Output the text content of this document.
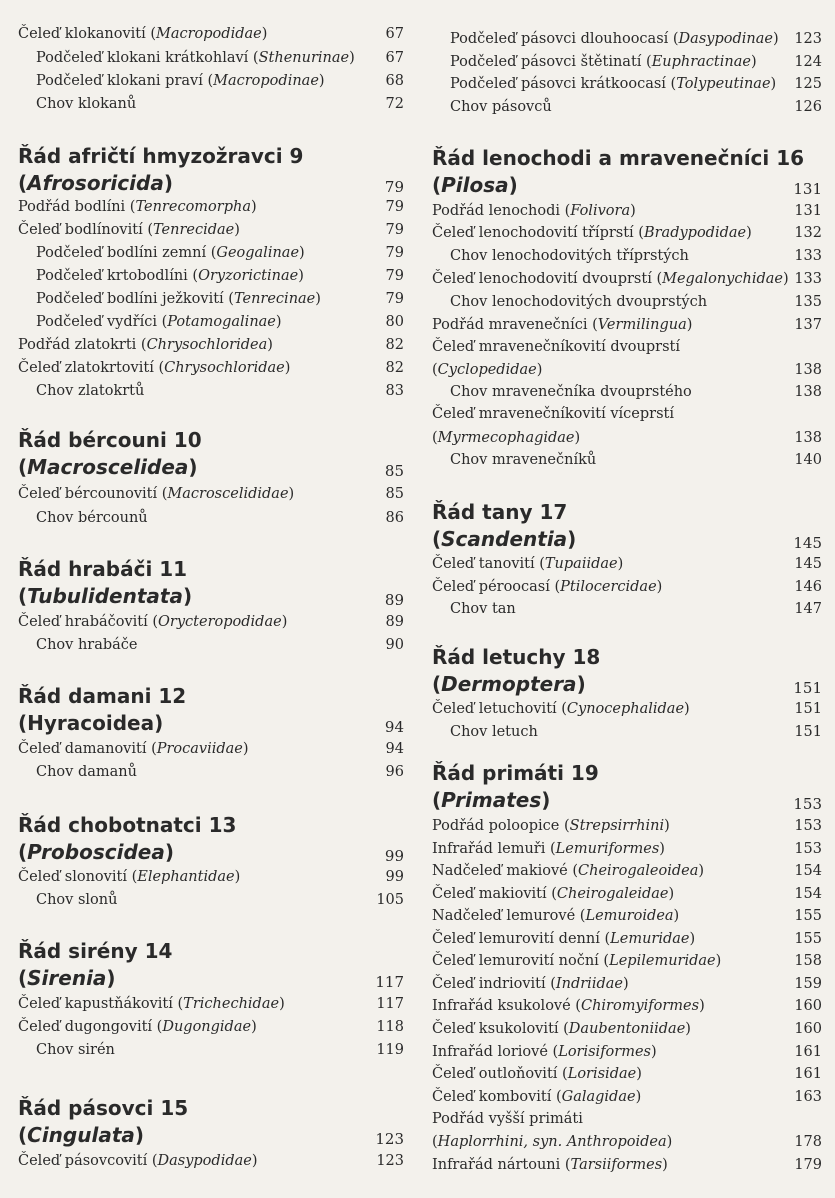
Čeleď klokanovití (Macropodidae)	67
Podčeleď klokani krátkohlaví (Sthenurinae) 67
Podčeleď klokani praví (Macropodinae)	68
Chov klokanů	72
Řád afričtí hmyzožravci 9
(Afrosoricida)	79
Podřád bodlíni (Tenrecomorpha)	79
Čeleď bodlínovití (Tenrecidae)	79
Podčeleď bodlíni zemní (Geogalinae)	79
Podčeleď krtobodlíni (Oryzorictinae)	79
Podčeleď bodlíni ježkovití (Tenrecinae)	79
Podčeleď vydříci (Potamogalinae)	80
Podřád zlatokrti (Chrysochloridea)	82
Čeleď zlatokrtovití (Chrysochloridae)	82
Chov zlatokrtů	83
Řád bércouni 10
(Macroscelidea)	85
Čeleď bércounovití (Macroscelididae)	85
Chov bércounů	86
Řád hrabáči 11
(Tubulidentata)	89
Čeleď hrabáčovití (Orycteropodidae)	89
Chov hrabáče	90
Řád damani 12
(Hyracoidea)	94
Čeleď damanovití (Procaviidae)	94
Chov damanů	96
Řád chobotnatci 13
(Proboscidea)	99
Čeleď slonovití (Elephantidae)	99
Chov slonů	105
Řád sirény 14
(Sirenia)	117
Čeleď kapustňákovití (Trichechidae)	117
Čeleď dugongovití (Dugongidae)	118
Chov sirén	119
Řád pásovci 15
(Cingulata)	123
Čeleď pásovcovití (Dasypodidae)	123
Podčeleď pásovci dlouhoocasí (Dasypodinae) 123
Podčeleď pásovci štětinatí (Euphractinae)	124
Podčeleď pásovci krátkoocasí (Tolypeutinae) 125
Chov pásovců	126
Řád lenochodi a mravenečníci 16
(Pilosa)	131
Podřád lenochodi (Folivora)	131
Čeleď lenochodovití tříprstí (Bradypodidae)	132
Chov lenochodovitých tříprstých	133
Čeleď lenochodovití dvouprstí (Megalonychidae) 133
Chov lenochodovitých dvouprstých	135
Podřád mravenečníci (Vermilingua)	137
Čeleď mravenečníkovití dvouprstí
(Cyclopedidae)	138
Chov mravenečníka dvouprstého	138
Čeleď mravenečníkovití víceprstí
(Myrmecophagidae)	138
Chov mravenečníků	140
Řád tany 17
(Scandentia)	145
Čeleď tanovití (Tupaiidae)	145
Čeleď péroocasí (Ptilocercidae)	146
Chov tan	147
Řád letuchy 18
(Dermoptera)	151
Čeleď letuchovití (Cynocephalidae)	151
Chov letuch	151
Řád primáti 19
(Primates)	153
Podřád poloopice (Strepsirrhini)	153
Infrařád lemuři (Lemuriformes)	153
Nadčeleď makiové (Cheirogaleoidea)	154
Čeleď makiovití (Cheirogaleidae)	154
Nadčeleď lemurové (Lemuroidea)	155
Čeleď lemurovití denní (Lemuridae)	155
Čeleď lemurovití noční (Lepilemuridae)	158
Čeleď indriovití (Indriidae)	159
Infrařád ksukolové (Chiromyiformes)	160
Čeleď ksukolovití (Daubentoniidae)	160
Infrařád loriové (Lorisiformes)	161
Čeleď outloňovití (Lorisidae)	161
Čeleď kombovití (Galagidae)	163
Podřád vyšší primáti
(Haplorrhini, syn. Anthropoidea)	178
Infrařád nártouni (Tarsiiformes)	179
